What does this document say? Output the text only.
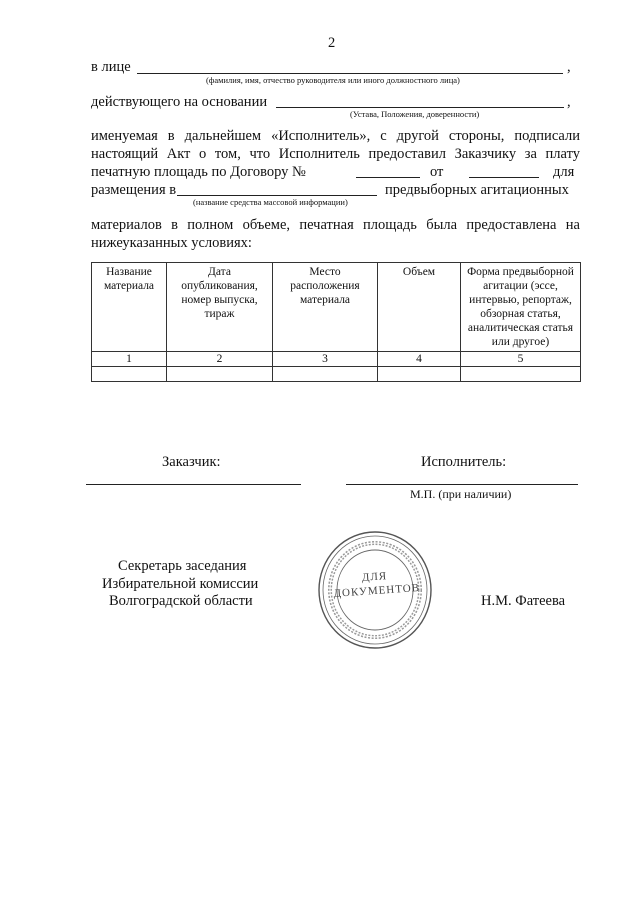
2
в лице	,
(фамилия, имя, отчество руководителя или иного должностного лица)
действующего на основании	,
(Устава, Положения, доверенности)
именуемая в дальнейшем «Исполнитель», с другой стороны, подписали
настоящий Акт о том, что Исполнитель предоставил Заказчику за плату
печатную площадь по Договору №	от	для
размещения в	предвыборных агитационных
(название средства массовой информации)
материалов в полном объеме, печатная площадь была предоставлена на
нижеуказанных условиях:
Название материала	Дата опубликования, номер выпуска, тираж	Место расположения материала	Объем	Форма предвыборной агитации (эссе, интервью, репортаж, обзорная статья, аналитическая статья или другое)
1	2	3	4	5

Заказчик:	Исполнитель:
М.П. (при наличии)
Секретарь заседания
Избирательной комиссии
Волгоградской области	Н.М. Фатеева
ДЛЯ ДОКУМЕНТОВ
